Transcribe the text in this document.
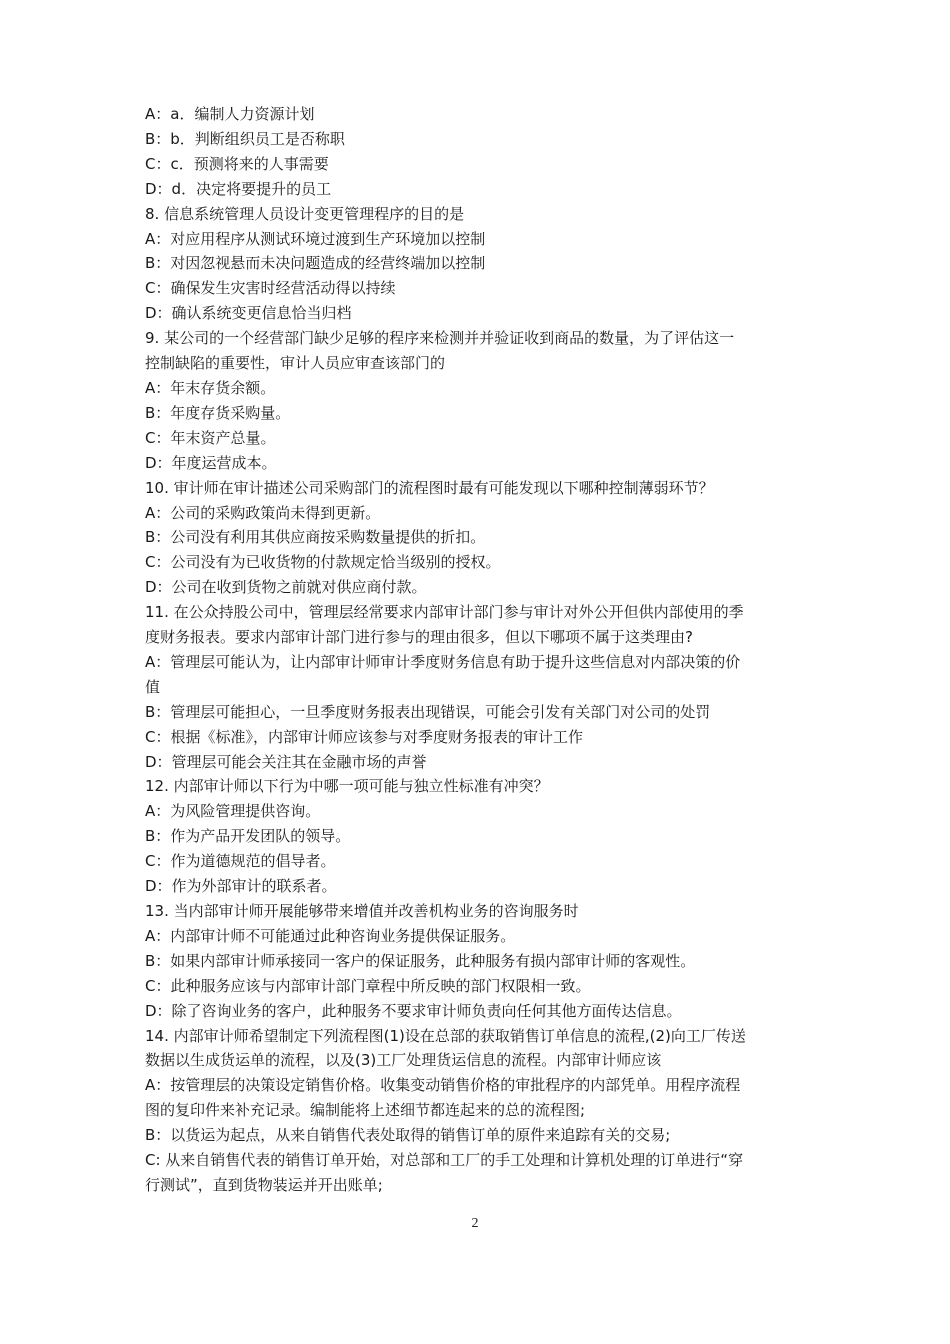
A：a．编制人力资源计划
B：b．判断组织员工是否称职
C：c．预测将来的人事需要
D：d．决定将要提升的员工
8. 信息系统管理人员设计变更管理程序的目的是
A：对应用程序从测试环境过渡到生产环境加以控制
B：对因忽视悬而未决问题造成的经营终端加以控制
C：确保发生灾害时经营活动得以持续
D：确认系统变更信息恰当归档
9. 某公司的一个经营部门缺少足够的程序来检测并并验证收到商品的数量，为了评估这一
控制缺陷的重要性，审计人员应审查该部门的
A：年末存货余额。
B：年度存货采购量。
C：年末资产总量。
D：年度运营成本。
10. 审计师在审计描述公司采购部门的流程图时最有可能发现以下哪种控制薄弱环节？
A：公司的采购政策尚未得到更新。
B：公司没有利用其供应商按采购数量提供的折扣。
C：公司没有为已收货物的付款规定恰当级别的授权。
D：公司在收到货物之前就对供应商付款。
11. 在公众持股公司中，管理层经常要求内部审计部门参与审计对外公开但供内部使用的季
度财务报表。要求内部审计部门进行参与的理由很多，但以下哪项不属于这类理由?
A：管理层可能认为，让内部审计师审计季度财务信息有助于提升这些信息对内部决策的价
值
B：管理层可能担心，一旦季度财务报表出现错误，可能会引发有关部门对公司的处罚
C：根据《标准》，内部审计师应该参与对季度财务报表的审计工作
D：管理层可能会关注其在金融市场的声誉
12. 内部审计师以下行为中哪一项可能与独立性标准有冲突？
A：为风险管理提供咨询。
B：作为产品开发团队的领导。
C：作为道德规范的倡导者。
D：作为外部审计的联系者。
13. 当内部审计师开展能够带来增值并改善机构业务的咨询服务时
A：内部审计师不可能通过此种咨询业务提供保证服务。
B：如果内部审计师承接同一客户的保证服务，此种服务有损内部审计师的客观性。
C：此种服务应该与内部审计部门章程中所反映的部门权限相一致。
D：除了咨询业务的客户，此种服务不要求审计师负责向任何其他方面传达信息。
14. 内部审计师希望制定下列流程图(1)设在总部的获取销售订单信息的流程,(2)向工厂传送
数据以生成货运单的流程，以及(3)工厂处理货运信息的流程。内部审计师应该
A：按管理层的决策设定销售价格。收集变动销售价格的审批程序的内部凭单。用程序流程
图的复印件来补充记录。编制能将上述细节都连起来的总的流程图;
B：以货运为起点，从来自销售代表处取得的销售订单的原件来追踪有关的交易;
C: 从来自销售代表的销售订单开始，对总部和工厂的手工处理和计算机处理的订单进行“穿
行测试”，直到货物装运并开出账单;
2
